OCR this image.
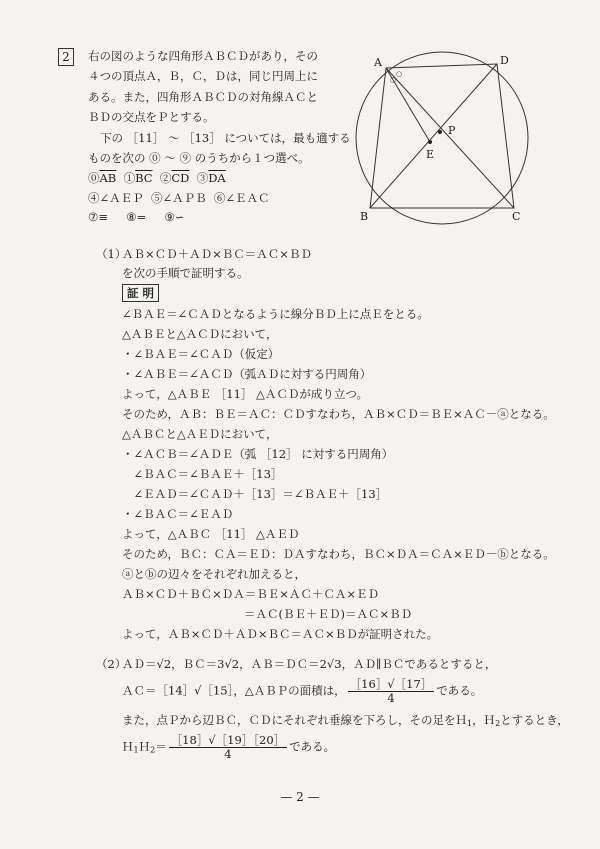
2	右の図のような四角形ＡＢＣＤがあり，その
４つの頂点Ａ，Ｂ，Ｃ，Ｄは，同じ円周上に
ある。また，四角形ＡＢＣＤの対角線ＡＣと
ＢＤの交点をＰとする。
下の ［11］ ～ ［13］ については，最も適する
ものを次の ⓪ ～ ⑨ のうちから１つ選べ。
$⓪\overline{AB}$ $①\overline{BC}$ $②\overline{CD}$ $③\overline{DA}$
④∠ＡＥＰ ⑤∠ＡＰＢ ⑥∠ＥＡＣ
⑦≡ ⑧= ⑨∽
A	D
B	C
E
P
○
○
（1）
ＡＢ×ＣＤ＋ＡＤ×ＢＣ＝ＡＣ×ＢＤ
を次の手順で証明する。
証 明
∠ＢＡＥ＝∠ＣＡＤとなるように線分ＢＤ上に点Ｅをとる。
△ＡＢＥと△ＡＣＤにおいて，
・∠ＢＡＥ＝∠ＣＡＤ（仮定）
・∠ＡＢＥ＝∠ＡＣＤ（弧ＡＤに対する円周角）
よって，△ＡＢＥ ［11］ △ＡＣＤが成り立つ。
そのため，ＡＢ：ＢＥ＝ＡＣ：ＣＤすなわち，ＡＢ×ＣＤ＝ＢＥ×ＡＣ－ⓐとなる。
△ＡＢＣと△ＡＥＤにおいて，
・∠ＡＣＢ＝∠ＡＤＥ（弧 ［12］ に対する円周角）
　∠ＢＡＣ＝∠ＢＡＥ＋［13］
　∠ＥＡＤ＝∠ＣＡＤ＋［13］＝∠ＢＡＥ＋［13］
・∠ＢＡＣ＝∠ＥＡＤ
よって，△ＡＢＣ ［11］ △ＡＥＤ
そのため，ＢＣ：ＣＡ＝ＥＤ：ＤＡすなわち，ＢＣ×ＤＡ＝ＣＡ×ＥＤ－ⓑとなる。
ⓐとⓑの辺々をそれぞれ加えると，
ＡＢ×ＣＤ＋ＢＣ×ＤＡ＝ＢＥ×ＡＣ＋ＣＡ×ＥＤ
＝ＡＣ(ＢＥ＋ＥＤ)＝ＡＣ×ＢＤ
よって，ＡＢ×ＣＤ＋ＡＤ×ＢＣ＝ＡＣ×ＢＤが証明された。
（2）
ＡＤ＝√2，ＢＣ＝3√2，ＡＢ＝ＤＣ＝2√3，ＡＤ∥ＢＣであるとすると，
ＡＣ＝［14］√［15］，△ＡＢＰの面積は， $\frac{[16]√[17]}{4}$ である。
また，点Ｐから辺ＢＣ，ＣＤにそれぞれ垂線を下ろし，その足をＨ$_1$，Ｈ$_2$とするとき，
Ｈ$_1$Ｈ$_2$＝ $\frac{[18]√[19][20]}{4}$ である。
— 2 —
